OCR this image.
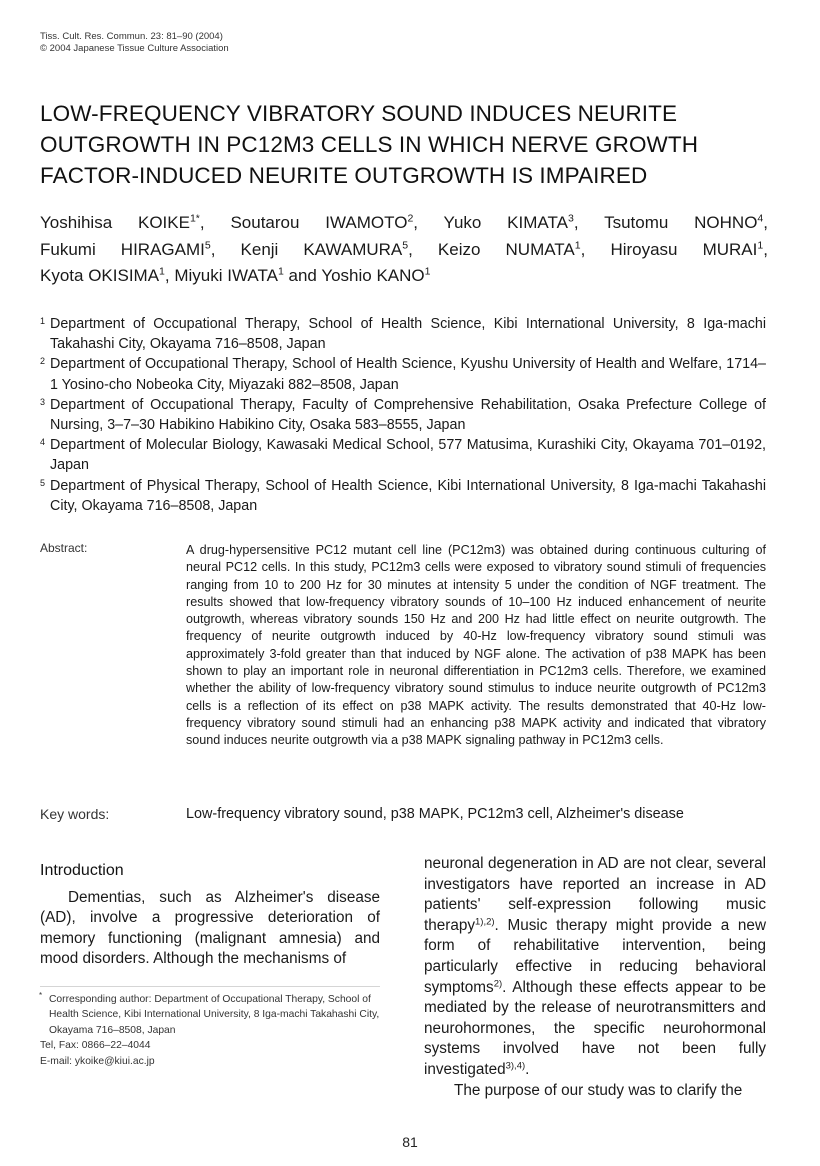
Tiss. Cult. Res. Commun. 23: 81–90 (2004)
© 2004 Japanese Tissue Culture Association
LOW-FREQUENCY VIBRATORY SOUND INDUCES NEURITE OUTGROWTH IN PC12M3 CELLS IN WHICH NERVE GROWTH FACTOR-INDUCED NEURITE OUTGROWTH IS IMPAIRED
Yoshihisa $KOIKE^{1*}$, Soutarou IWAMOTO$^2$, Yuko KIMATA$^3$, Tsutomu NOHNO$^4$,
Fukumi HIRAGAMI$^5$, Kenji KAWAMURA$^5$, Keizo NUMATA$^1$, Hiroyasu MURAI$^1$,
Kyota OKISIMA$^1$, Miyuki IWATA$^1$ and Yoshio KANO$^1$
1 Department of Occupational Therapy, School of Health Science, Kibi International University, 8 Iga-machi Takahashi City, Okayama 716–8508, Japan
2 Department of Occupational Therapy, School of Health Science, Kyushu University of Health and Welfare, 1714–1 Yosino-cho Nobeoka City, Miyazaki 882–8508, Japan
3 Department of Occupational Therapy, Faculty of Comprehensive Rehabilitation, Osaka Prefecture College of Nursing, 3–7–30 Habikino Habikino City, Osaka 583–8555, Japan
4 Department of Molecular Biology, Kawasaki Medical School, 577 Matusima, Kurashiki City, Okayama 701–0192, Japan
5 Department of Physical Therapy, School of Health Science, Kibi International University, 8 Iga-machi Takahashi City, Okayama 716–8508, Japan
Abstract:	A drug-hypersensitive PC12 mutant cell line (PC12m3) was obtained during continuous culturing of neural PC12 cells. In this study, PC12m3 cells were exposed to vibratory sound stimuli of frequencies ranging from 10 to 200 Hz for 30 minutes at intensity 5 under the condition of NGF treatment. The results showed that low-frequency vibratory sounds of 10–100 Hz induced enhancement of neurite outgrowth, whereas vibratory sounds 150 Hz and 200 Hz had little effect on neurite outgrowth. The frequency of neurite outgrowth induced by 40-Hz low-frequency vibratory sound stimuli was approximately 3-fold greater than that induced by NGF alone. The activation of p38 MAPK has been shown to play an important role in neuronal differentiation in PC12m3 cells. Therefore, we examined whether the ability of low-frequency vibratory sound stimulus to induce neurite outgrowth of PC12m3 cells is a reflection of its effect on p38 MAPK activity. The results demonstrated that 40-Hz low-frequency vibratory sound stimuli had an enhancing p38 MAPK activity and indicated that vibratory sound induces neurite outgrowth via a p38 MAPK signaling pathway in PC12m3 cells.
Key words:	Low-frequency vibratory sound, p38 MAPK, PC12m3 cell, Alzheimer's disease
Introduction

Dementias, such as Alzheimer's disease (AD), involve a progressive deterioration of memory functioning (malignant amnesia) and mood disorders. Although the mechanisms of

* Corresponding author: Department of Occupational Therapy, School of Health Science, Kibi International University, 8 Iga-machi Takahashi City, Okayama 716–8508, Japan
Tel, Fax: 0866–22–4044
E-mail: ykoike@kiui.ac.jp

neuronal degeneration in AD are not clear, several investigators have reported an increase in AD patients' self-expression following music therapy$^{1),2)}$. Music therapy might provide a new form of rehabilitative intervention, being particularly effective in reducing behavioral symptoms$^{2)}$. Although these effects appear to be mediated by the release of neurotransmitters and neurohormones, the specific neurohormonal systems involved have not been fully investigated$^{3),4)}$.

The purpose of our study was to clarify the

81
